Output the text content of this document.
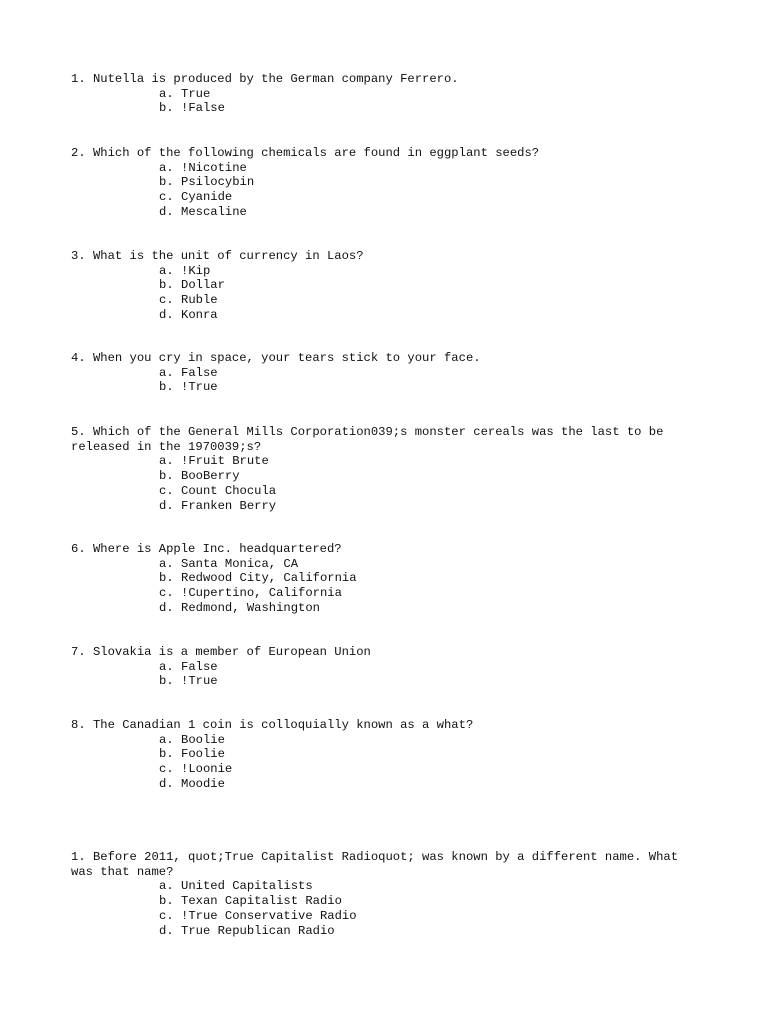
1. Nutella is produced by the German company Ferrero.

a. True
b. !False

2. Which of the following chemicals are found in eggplant seeds?

a. !Nicotine
b. Psilocybin
c. Cyanide
d. Mescaline

3. What is the unit of currency in Laos?

a. !Kip
b. Dollar
c. Ruble
d. Konra

4. When you cry in space, your tears stick to your face.

a. False
b. !True

5. Which of the General Mills Corporation039;s monster cereals was the last to be released in the 1970039;s?

a. !Fruit Brute
b. BooBerry
c. Count Chocula
d. Franken Berry

6. Where is Apple Inc. headquartered?

a. Santa Monica, CA
b. Redwood City, California
c. !Cupertino, California
d. Redmond, Washington

7. Slovakia is a member of European Union

a. False
b. !True

8. The Canadian 1 coin is colloquially known as a what?

a. Boolie
b. Foolie
c. !Loonie
d. Moodie

1. Before 2011, quot;True Capitalist Radioquot; was known by a different name. What was that name?

a. United Capitalists
b. Texan Capitalist Radio
c. !True Conservative Radio
d. True Republican Radio
